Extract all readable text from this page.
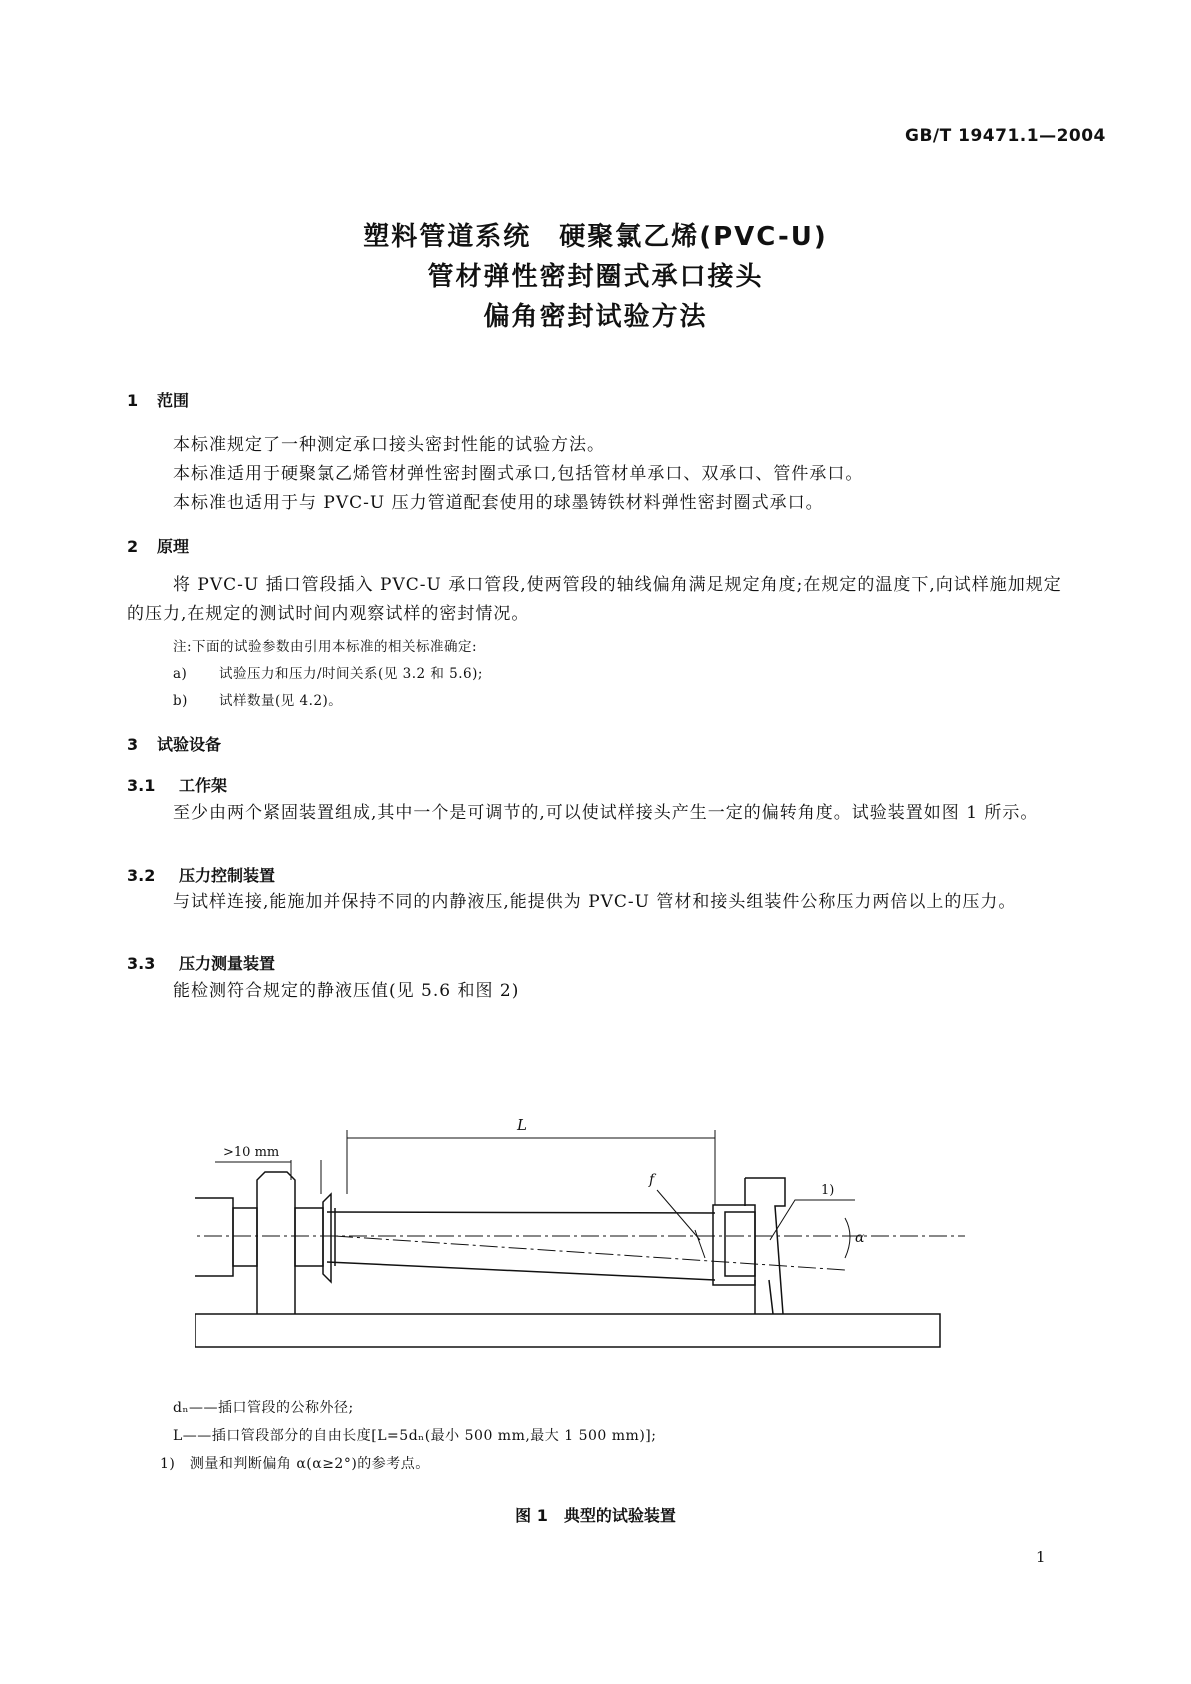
GB/T 19471.1—2004
塑料管道系统　硬聚氯乙烯(PVC-U)
管材弹性密封圈式承口接头
偏角密封试验方法
1 范围
本标准规定了一种测定承口接头密封性能的试验方法。
本标准适用于硬聚氯乙烯管材弹性密封圈式承口,包括管材单承口、双承口、管件承口。
本标准也适用于与 PVC-U 压力管道配套使用的球墨铸铁材料弹性密封圈式承口。
2 原理
将 PVC-U 插口管段插入 PVC-U 承口管段,使两管段的轴线偏角满足规定角度;在规定的温度下,向试样施加规定的压力,在规定的测试时间内观察试样的密封情况。
注:下面的试验参数由引用本标准的相关标准确定:
a) 试验压力和压力/时间关系(见 3.2 和 5.6);
b) 试样数量(见 4.2)。
3 试验设备
3.1 工作架
至少由两个紧固装置组成,其中一个是可调节的,可以使试样接头产生一定的偏转角度。试验装置如图 1 所示。
3.2 压力控制装置
与试样连接,能施加并保持不同的内静液压,能提供为 PVC-U 管材和接头组装件公称压力两倍以上的压力。
3.3 压力测量装置
能检测符合规定的静液压值(见 5.6 和图 2)
L
>10 mm
f
1)
α
dₙ——插口管段的公称外径;
L——插口管段部分的自由长度[L=5dₙ(最小 500 mm,最大 1 500 mm)];
1)　测量和判断偏角 α(α≥2°)的参考点。
图 1　典型的试验装置
1
